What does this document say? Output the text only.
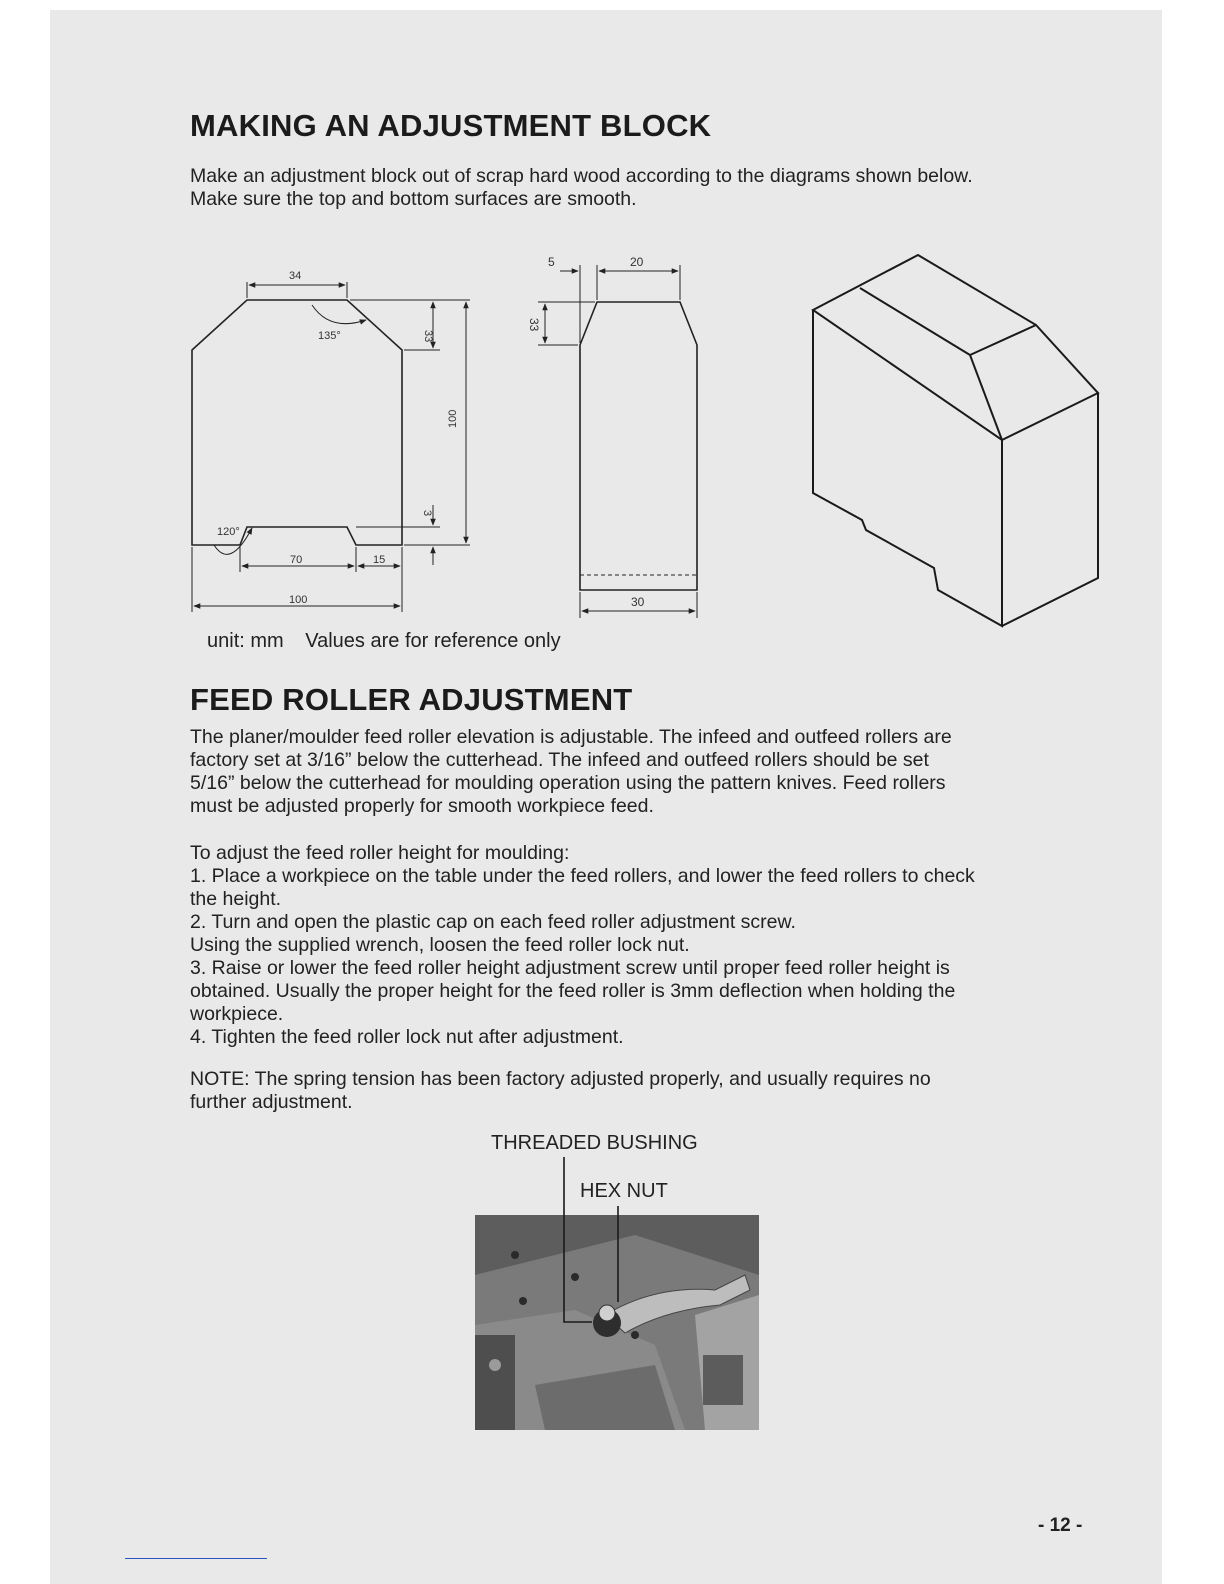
MAKING AN ADJUSTMENT BLOCK
Make an adjustment block out of scrap hard wood according to the diagrams shown below.
Make sure the top and bottom surfaces are smooth.
34
135°	33
100
3
120°
70	15
100
5	20
33
30
unit: mm Values are for reference only
FEED ROLLER ADJUSTMENT
The planer/moulder feed roller elevation is adjustable. The infeed and outfeed rollers are
factory set at 3/16” below the cutterhead. The infeed and outfeed rollers should be set
5/16” below the cutterhead for moulding operation using the pattern knives. Feed rollers
must be adjusted properly for smooth workpiece feed.
To adjust the feed roller height for moulding:
1. Place a workpiece on the table under the feed rollers, and lower the feed rollers to check
the height.
2. Turn and open the plastic cap on each feed roller adjustment screw.
Using the supplied wrench, loosen the feed roller lock nut.
3. Raise or lower the feed roller height adjustment screw until proper feed roller height is
obtained. Usually the proper height for the feed roller is 3mm deflection when holding the
workpiece.
4. Tighten the feed roller lock nut after adjustment.
NOTE: The spring tension has been factory adjusted properly, and usually requires no
further adjustment.
THREADED BUSHING
HEX NUT
- 12 -
